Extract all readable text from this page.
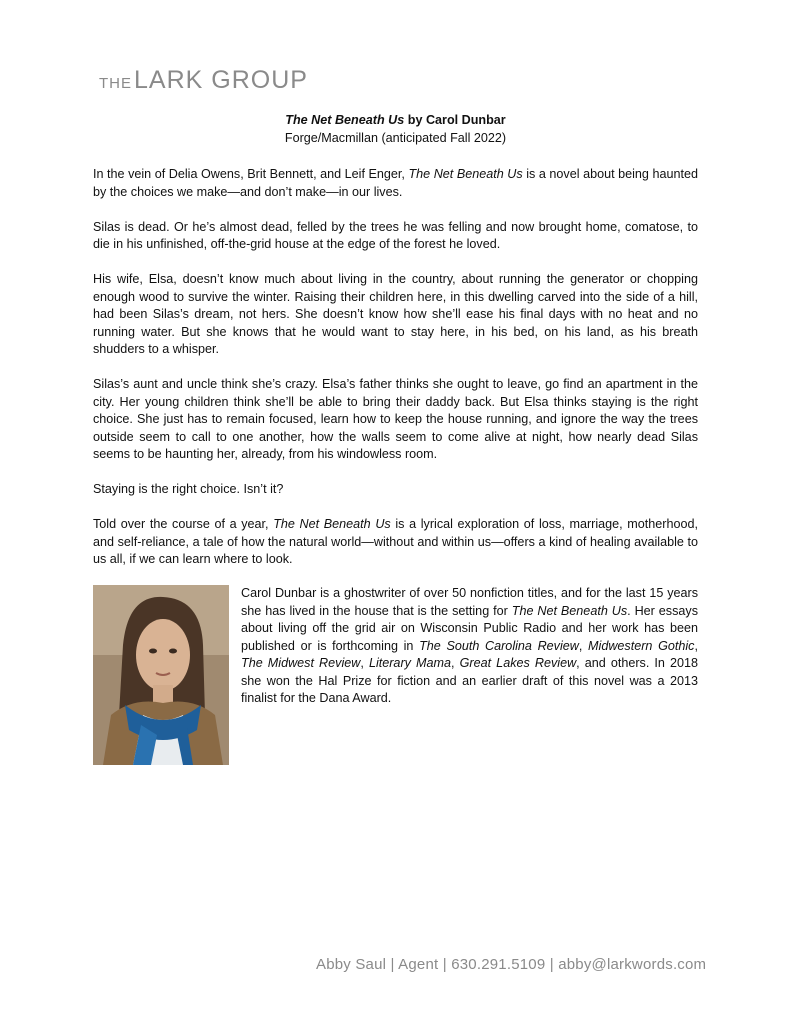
THELARK GROUP
The Net Beneath Us by Carol Dunbar
Forge/Macmillan (anticipated Fall 2022)

In the vein of Delia Owens, Brit Bennett, and Leif Enger, The Net Beneath Us is a novel about being haunted by the choices we make—and don’t make—in our lives.

Silas is dead. Or he’s almost dead, felled by the trees he was felling and now brought home, comatose, to die in his unfinished, off-the-grid house at the edge of the forest he loved.

His wife, Elsa, doesn’t know much about living in the country, about running the generator or chopping enough wood to survive the winter. Raising their children here, in this dwelling carved into the side of a hill, had been Silas’s dream, not hers. She doesn’t know how she’ll ease his final days with no heat and no running water. But she knows that he would want to stay here, in his bed, on his land, as his breath shudders to a whisper.

Silas’s aunt and uncle think she’s crazy. Elsa’s father thinks she ought to leave, go find an apartment in the city. Her young children think she’ll be able to bring their daddy back. But Elsa thinks staying is the right choice. She just has to remain focused, learn how to keep the house running, and ignore the way the trees outside seem to call to one another, how the walls seem to come alive at night, how nearly dead Silas seems to be haunting her, already, from his windowless room.

Staying is the right choice. Isn’t it?

Told over the course of a year, The Net Beneath Us is a lyrical exploration of loss, marriage, motherhood, and self-reliance, a tale of how the natural world—without and within us—offers a kind of healing available to us all, if we can learn where to look.

Carol Dunbar is a ghostwriter of over 50 nonfiction titles, and for the last 15 years she has lived in the house that is the setting for The Net Beneath Us. Her essays about living off the grid air on Wisconsin Public Radio and her work has been published or is forthcoming in The South Carolina Review, Midwestern Gothic, The Midwest Review, Literary Mama, Great Lakes Review, and others. In 2018 she won the Hal Prize for fiction and an earlier draft of this novel was a 2013 finalist for the Dana Award.
Abby Saul | Agent | 630.291.5109 | abby@larkwords.com
